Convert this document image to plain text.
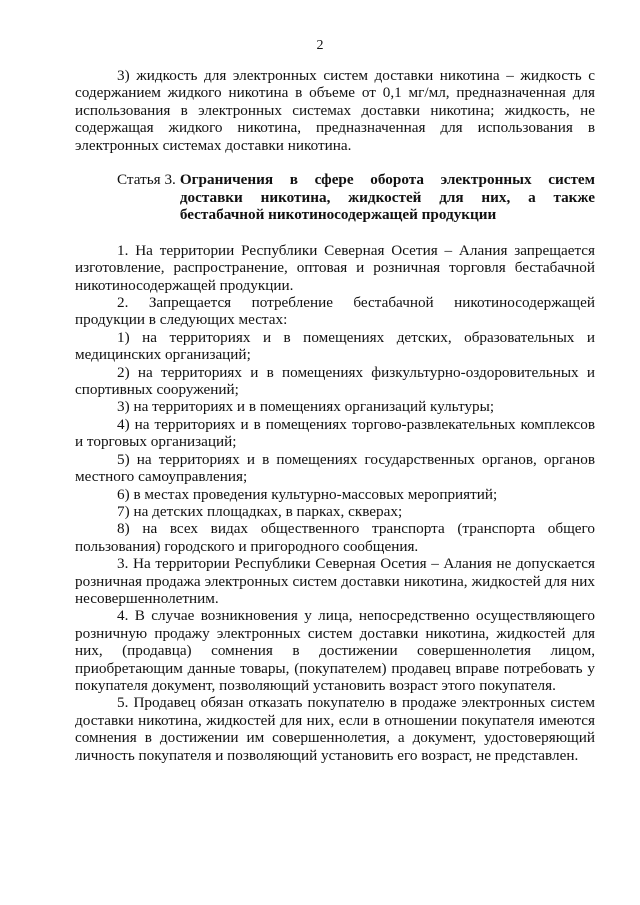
2

3) жидкость для электронных систем доставки никотина – жидкость с содержанием жидкого никотина в объеме от 0,1 мг/мл, предназначенная для использования в электронных системах доставки никотина; жидкость, не содержащая жидкого никотина, предназначенная для использования в электронных системах доставки никотина.

Статья 3. Ограничения в сфере оборота электронных систем доставки никотина, жидкостей для них, а также бестабачной никотиносодержащей продукции

1. На территории Республики Северная Осетия – Алания запрещается изготовление, распространение, оптовая и розничная торговля бестабачной никотиносодержащей продукции.

2. Запрещается потребление бестабачной никотиносодержащей продукции в следующих местах:

1) на территориях и в помещениях детских, образовательных и медицинских организаций;

2) на территориях и в помещениях физкультурно-оздоровительных и спортивных сооружений;

3) на территориях и в помещениях организаций культуры;

4) на территориях и в помещениях торгово-развлекательных комплексов и торговых организаций;

5) на территориях и в помещениях государственных органов, органов местного самоуправления;

6) в местах проведения культурно-массовых мероприятий;

7) на детских площадках, в парках, скверах;

8) на всех видах общественного транспорта (транспорта общего пользования) городского и пригородного сообщения.

3. На территории Республики Северная Осетия – Алания не допускается розничная продажа электронных систем доставки никотина, жидкостей для них несовершеннолетним.

4. В случае возникновения у лица, непосредственно осуществляющего розничную продажу электронных систем доставки никотина, жидкостей для них, (продавца) сомнения в достижении совершеннолетия лицом, приобретающим данные товары, (покупателем) продавец вправе потребовать у покупателя документ, позволяющий установить возраст этого покупателя.

5. Продавец обязан отказать покупателю в продаже электронных систем доставки никотина, жидкостей для них, если в отношении покупателя имеются сомнения в достижении им совершеннолетия, а документ, удостоверяющий личность покупателя и позволяющий установить его возраст, не представлен.
